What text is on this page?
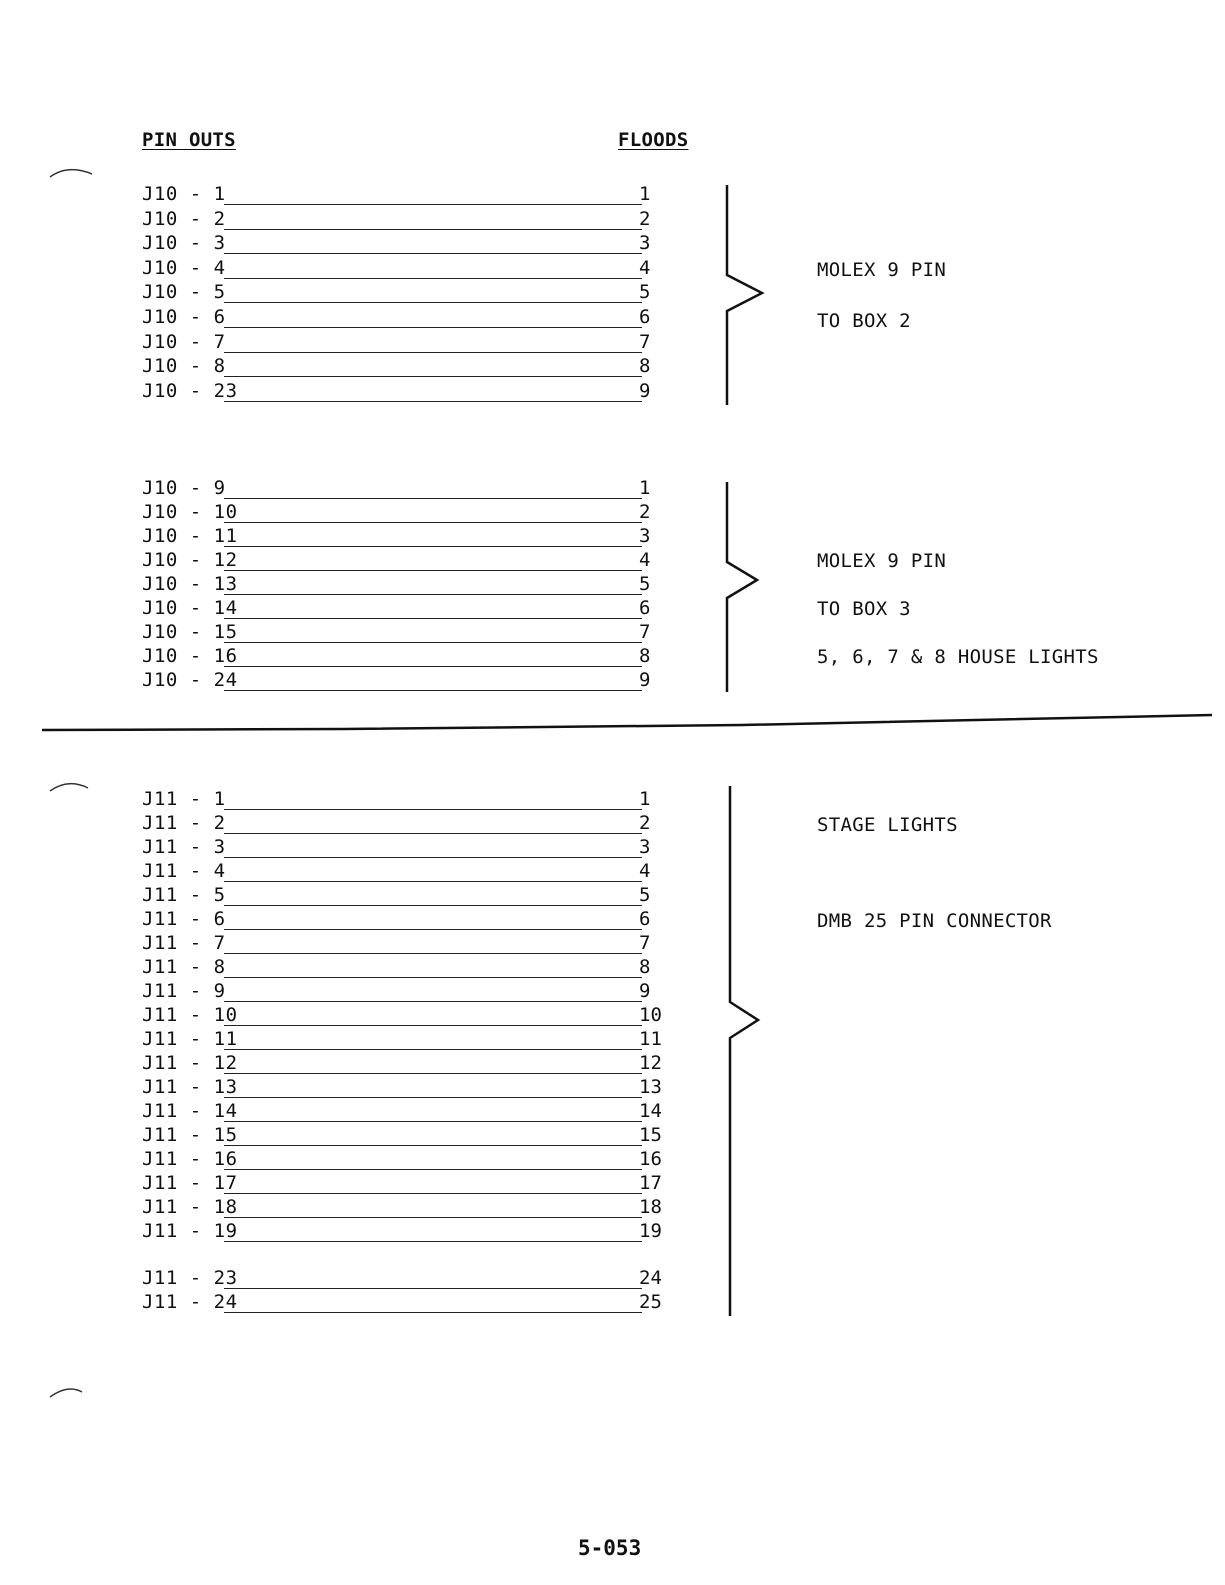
PIN OUTS	FLOODS
J10 - 1	1
J10 - 2	2
J10 - 3	3
J10 - 4	4
J10 - 5	5
J10 - 6	6
J10 - 7	7
J10 - 8	8
J10 - 23	9
J10 - 9	1
J10 - 10	2
J10 - 11	3
J10 - 12	4
J10 - 13	5
J10 - 14	6
J10 - 15	7
J10 - 16	8
J10 - 24	9
J11 - 1	1
J11 - 2	2
J11 - 3	3
J11 - 4	4
J11 - 5	5
J11 - 6	6
J11 - 7	7
J11 - 8	8
J11 - 9	9
J11 - 10	10
J11 - 11	11
J11 - 12	12
J11 - 13	13
J11 - 14	14
J11 - 15	15
J11 - 16	16
J11 - 17	17
J11 - 18	18
J11 - 19	19
J11 - 23	24
J11 - 24	25
MOLEX 9 PIN
TO BOX 2
MOLEX 9 PIN
TO BOX 3
5, 6, 7 & 8 HOUSE LIGHTS
STAGE LIGHTS
DMB 25 PIN CONNECTOR
5-053
